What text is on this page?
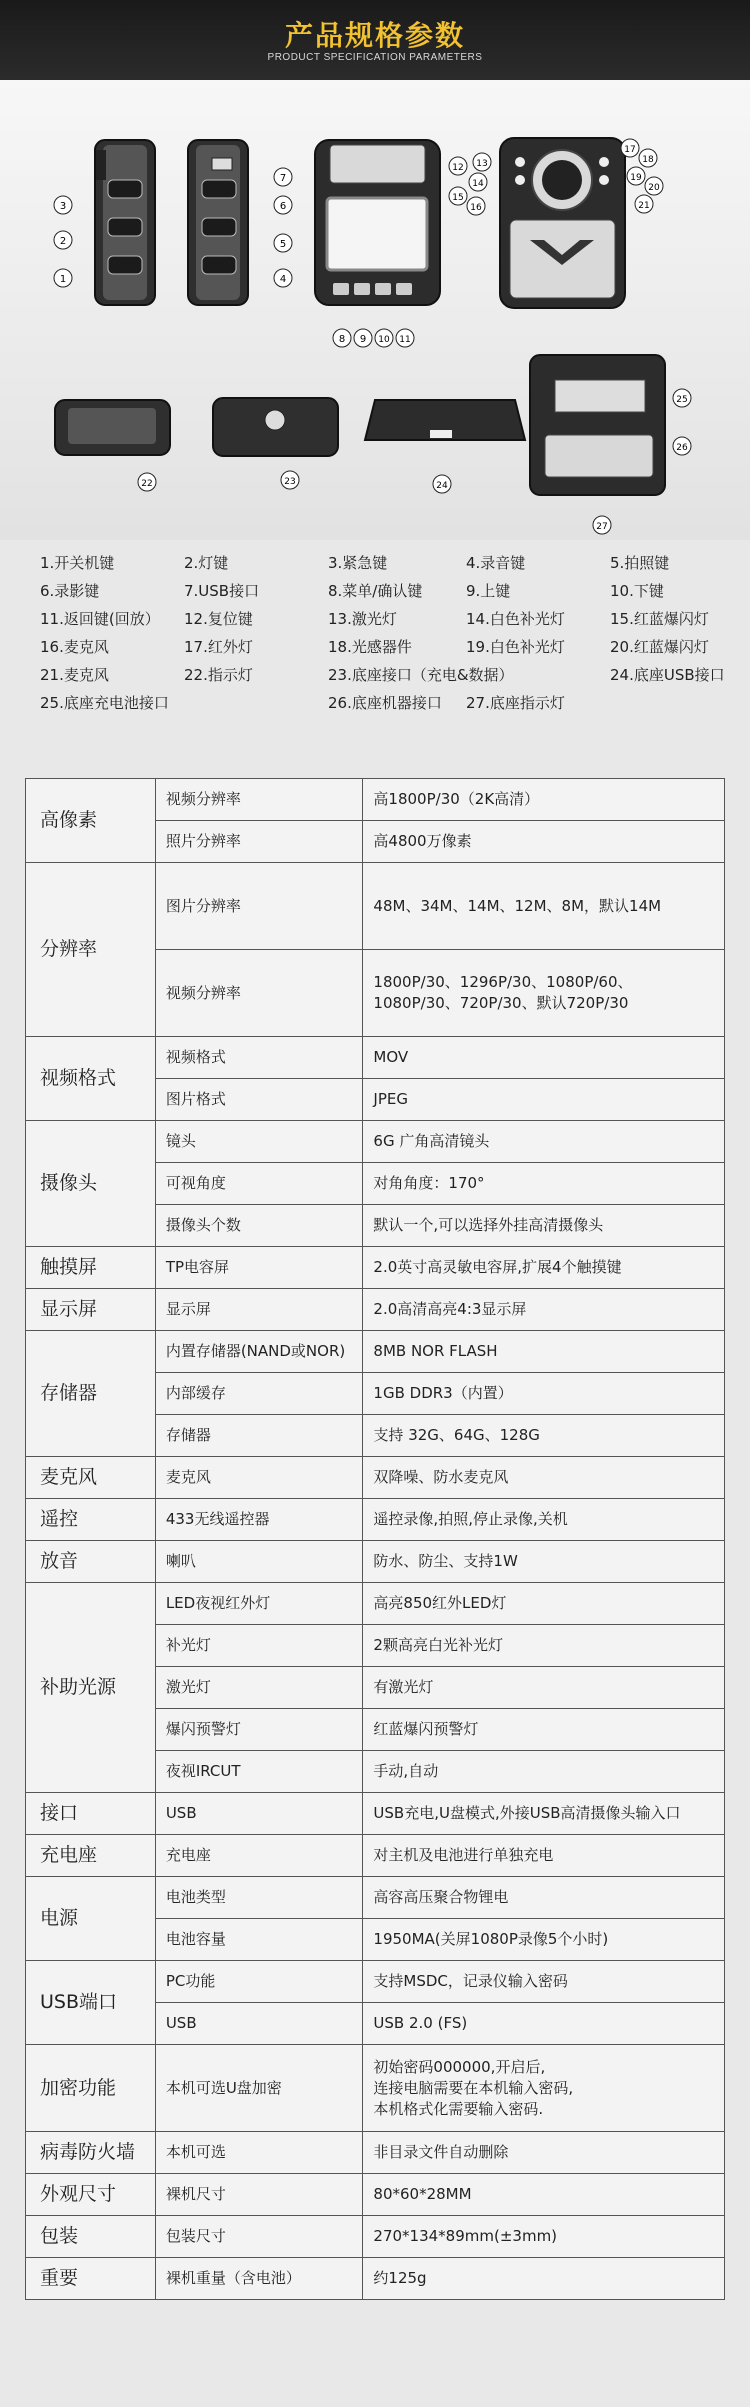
产品规格参数
PRODUCT SPECIFICATION PARAMETERS
1
2
3
4
5
6
7
8 9 10 11
12 13
14
15
16
17
18
19
20
21
22	23	24
25
26
27
1.开关机键	2.灯键	3.紧急键	4.录音键	5.拍照键
6.录影键	7.USB接口	8.菜单/确认键	9.上键	10.下键
11.返回键(回放）	12.复位键	13.激光灯	14.白色补光灯	15.红蓝爆闪灯
16.麦克风	17.红外灯	18.光感器件	19.白色补光灯	20.红蓝爆闪灯
21.麦克风	22.指示灯	23.底座接口（充电&数据）	24.底座USB接口
25.底座充电池接口	26.底座机器接口	27.底座指示灯
高像素	视频分辨率	高1800P/30（2K高清）
	照片分辨率	高4800万像素
分辨率	图片分辨率	48M、34M、14M、12M、8M，默认14M
	视频分辨率	1800P/30、1296P/30、1080P/60、1080P/30、720P/30、默认720P/30
视频格式	视频格式	MOV
	图片格式	JPEG
摄像头	镜头	6G 广角高清镜头
	可视角度	对角角度：170°
	摄像头个数	默认一个,可以选择外挂高清摄像头
触摸屏	TP电容屏	2.0英寸高灵敏电容屏,扩展4个触摸键
显示屏	显示屏	2.0高清高亮4:3显示屏
存储器	内置存储器(NAND或NOR)	8MB NOR FLASH
	内部缓存	1GB DDR3（内置）
	存储器	支持 32G、64G、128G
麦克风	麦克风	双降噪、防水麦克风
遥控	433无线遥控器	遥控录像,拍照,停止录像,关机
放音	喇叭	防水、防尘、支持1W
补助光源	LED夜视红外灯	高亮850红外LED灯
	补光灯	2颗高亮白光补光灯
	激光灯	有激光灯
	爆闪预警灯	红蓝爆闪预警灯
	夜视IRCUT	手动,自动
接口	USB	USB充电,U盘模式,外接USB高清摄像头输入口
充电座	充电座	对主机及电池进行单独充电
电源	电池类型	高容高压聚合物锂电
	电池容量	1950MA(关屏1080P录像5个小时)
USB端口	PC功能	支持MSDC，记录仪输入密码
	USB	USB 2.0 (FS)
加密功能	本机可选U盘加密	初始密码000000,开启后,
连接电脑需要在本机输入密码,
本机格式化需要输入密码.
病毒防火墙	本机可选	非目录文件自动删除
外观尺寸	裸机尺寸	80*60*28MM
包装	包装尺寸	270*134*89mm(±3mm)
重要	裸机重量（含电池）	约125g
